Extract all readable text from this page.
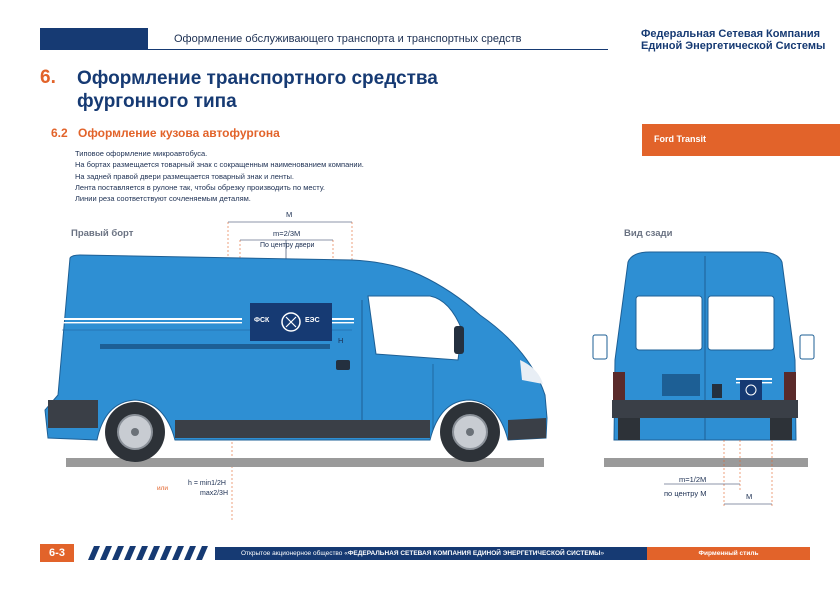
Оформление обслуживающего транспорта и транспортных средств	Федеральная Сетевая Компания
Единой Энергетической Системы
6. Оформление транспортного средства
фургонного типа
6.2 Оформление кузова автофургона
Типовое оформление микроавтобуса.
На бортах размещается товарный знак с сокращенным наименованием компании.
На задней правой двери размещается товарный знак и ленты.
Лента поставляется в рулоне так, чтобы обрезку производить по месту.
Линии реза соответствуют сочленяемым деталям.
Ford Transit
Правый борт	Вид сзади
ФСК	ЕЭС
M
m=2/3M
По центру двери
H
или
h = min1/2H
max2/3H
m=1/2M
по центру M	M
6-3	Открытое акционерное общество «ФЕДЕРАЛЬНАЯ СЕТЕВАЯ КОМПАНИЯ ЕДИНОЙ ЭНЕРГЕТИЧЕСКОЙ СИСТЕМЫ»	Фирменный стиль
